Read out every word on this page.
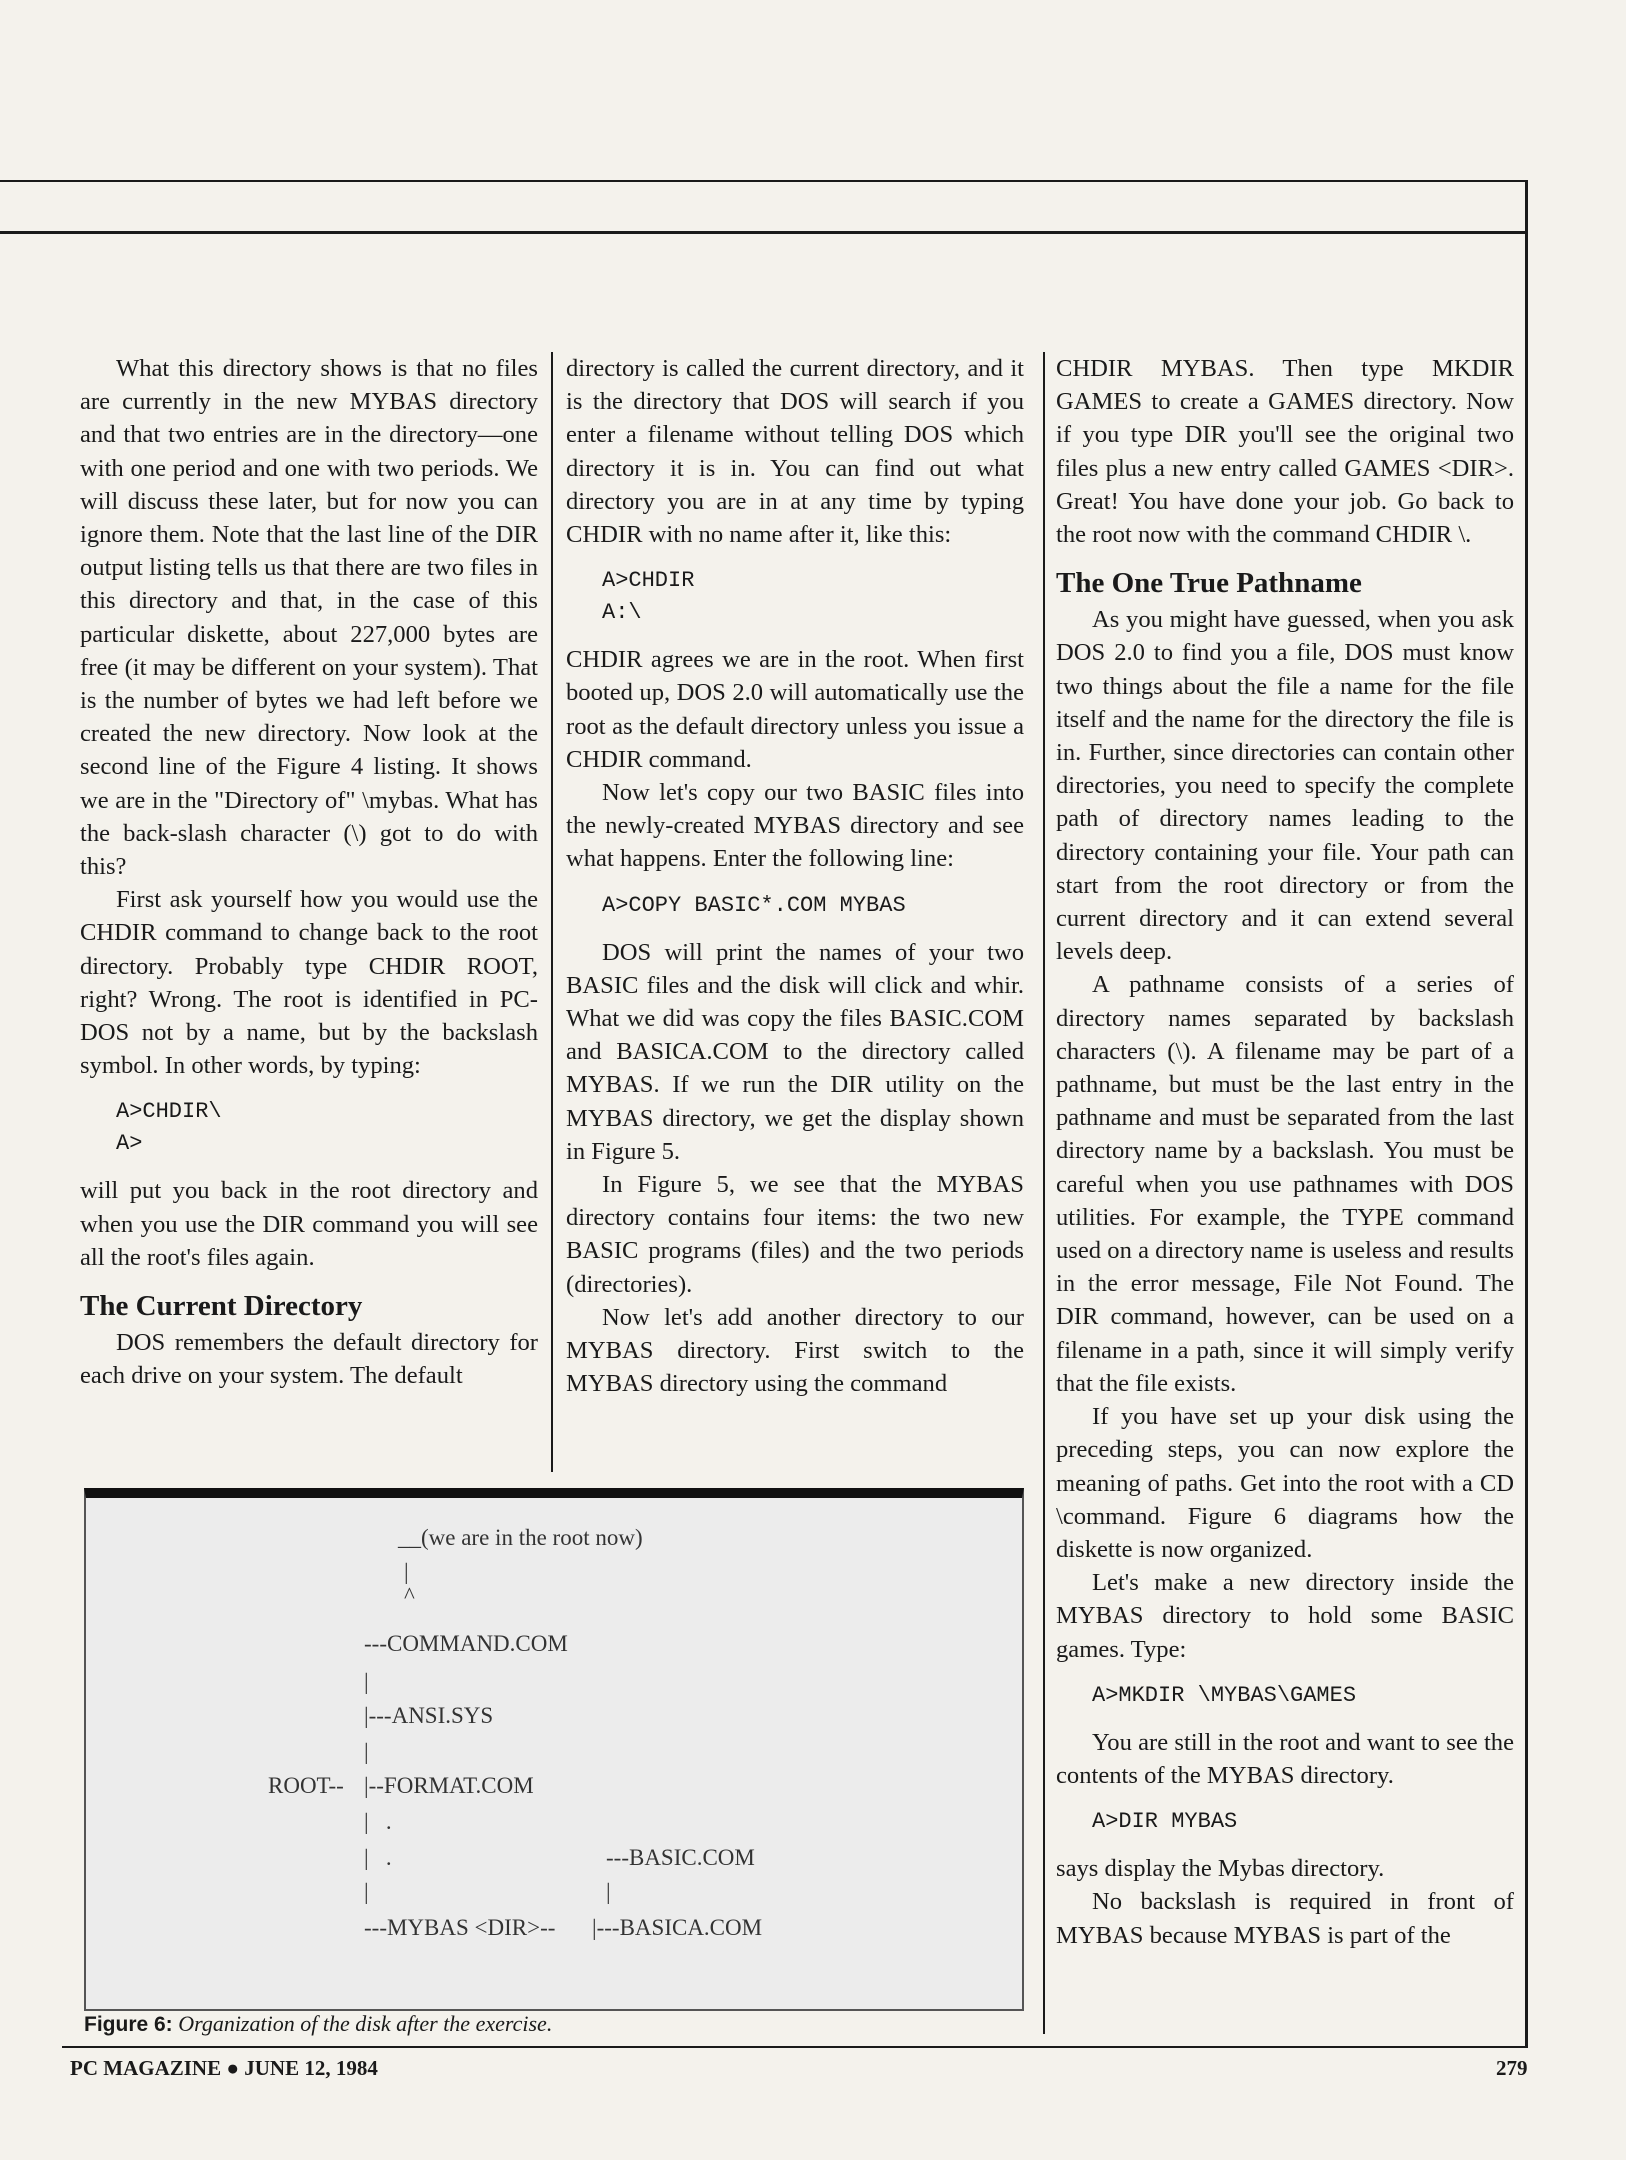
What this directory shows is that no files are currently in the new MYBAS directory and that two entries are in the directory—one with one period and one with two periods. We will discuss these later, but for now you can ignore them. Note that the last line of the DIR output listing tells us that there are two files in this directory and that, in the case of this particular diskette, about 227,000 bytes are free (it may be different on your system). That is the number of bytes we had left before we created the new directory. Now look at the second line of the Figure 4 listing. It shows we are in the "Directory of" \mybas. What has the back-slash character (\) got to do with this?

First ask yourself how you would use the CHDIR command to change back to the root directory. Probably type CHDIR ROOT, right? Wrong. The root is identified in PC-DOS not by a name, but by the backslash symbol. In other words, by typing:

A>CHDIR\
A>

will put you back in the root directory and when you use the DIR command you will see all the root's files again.

The Current Directory

DOS remembers the default directory for each drive on your system. The default

directory is called the current directory, and it is the directory that DOS will search if you enter a filename without telling DOS which directory it is in. You can find out what directory you are in at any time by typing CHDIR with no name after it, like this:

A>CHDIR
A:\

CHDIR agrees we are in the root. When first booted up, DOS 2.0 will automatically use the root as the default directory unless you issue a CHDIR command.

Now let's copy our two BASIC files into the newly-created MYBAS directory and see what happens. Enter the following line:

A>COPY BASIC*.COM MYBAS

DOS will print the names of your two BASIC files and the disk will click and whir. What we did was copy the files BASIC.COM and BASICA.COM to the directory called MYBAS. If we run the DIR utility on the MYBAS directory, we get the display shown in Figure 5.

In Figure 5, we see that the MYBAS directory contains four items: the two new BASIC programs (files) and the two periods (directories).

Now let's add another directory to our MYBAS directory. First switch to the MYBAS directory using the command

CHDIR MYBAS. Then type MKDIR GAMES to create a GAMES directory. Now if you type DIR you'll see the original two files plus a new entry called GAMES <DIR>. Great! You have done your job. Go back to the root now with the command CHDIR \.

The One True Pathname

As you might have guessed, when you ask DOS 2.0 to find you a file, DOS must know two things about the file a name for the file itself and the name for the directory the file is in. Further, since directories can contain other directories, you need to specify the complete path of directory names leading to the directory containing your file. Your path can start from the root directory or from the current directory and it can extend several levels deep.

A pathname consists of a series of directory names separated by backslash characters (\). A filename may be part of a pathname, but must be the last entry in the pathname and must be separated from the last directory name by a backslash. You must be careful when you use pathnames with DOS utilities. For example, the TYPE command used on a directory name is useless and results in the error message, File Not Found. The DIR command, however, can be used on a filename in a path, since it will simply verify that the file exists.

If you have set up your disk using the preceding steps, you can now explore the meaning of paths. Get into the root with a CD \command. Figure 6 diagrams how the diskette is now organized.

Let's make a new directory inside the MYBAS directory to hold some BASIC games. Type:

A>MKDIR \MYBAS\GAMES

You are still in the root and want to see the contents of the MYBAS directory.

A>DIR MYBAS

says display the Mybas directory.

No backslash is required in front of MYBAS because MYBAS is part of the

__(we are in the root now)
|
^
---COMMAND.COM
|
|---ANSI.SYS
|
ROOT-- |--FORMAT.COM
|   .
|   .	---BASIC.COM
|	|
---MYBAS <DIR>-- |---BASICA.COM
Figure 6: Organization of the disk after the exercise.
PC MAGAZINE ● JUNE 12, 1984	279
